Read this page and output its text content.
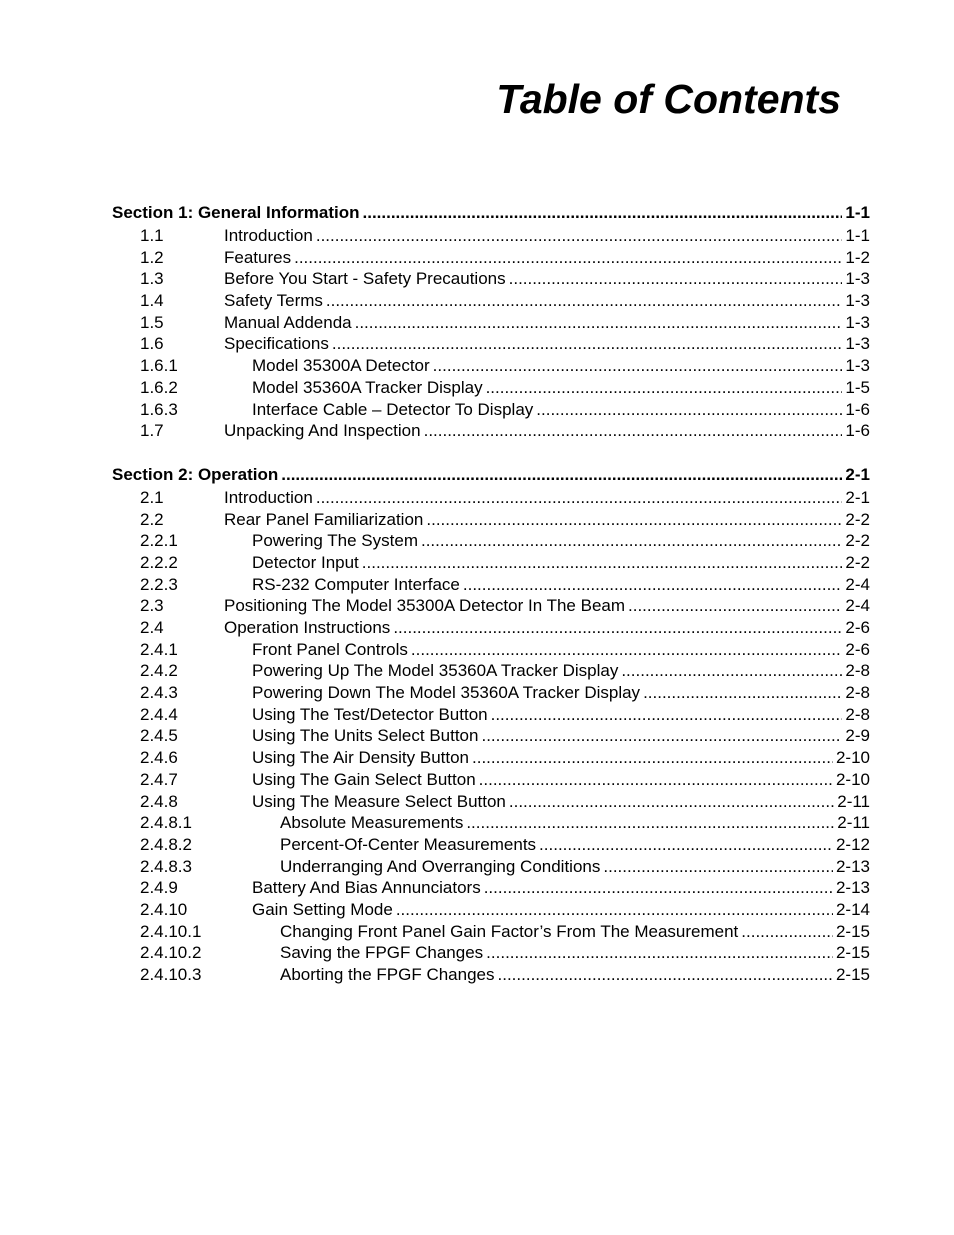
Table of Contents
Section 1: General Information .....	1-1
1.1	Introduction .....	1-1
1.2	Features .....	1-2
1.3	Before You Start - Safety Precautions .....	1-3
1.4	Safety Terms .....	1-3
1.5	Manual Addenda .....	1-3
1.6	Specifications .....	1-3
1.6.1	Model 35300A Detector .....	1-3
1.6.2	Model 35360A Tracker Display .....	1-5
1.6.3	Interface Cable – Detector To Display .....	1-6
1.7	Unpacking And Inspection .....	1-6
Section 2: Operation .....	2-1
2.1	Introduction .....	2-1
2.2	Rear Panel Familiarization .....	2-2
2.2.1	Powering The System .....	2-2
2.2.2	Detector Input .....	2-2
2.2.3	RS-232 Computer Interface .....	2-4
2.3	Positioning The Model 35300A Detector In The Beam .....	2-4
2.4	Operation Instructions .....	2-6
2.4.1	Front Panel Controls .....	2-6
2.4.2	Powering Up The Model 35360A Tracker Display .....	2-8
2.4.3	Powering Down The Model 35360A Tracker Display .....	2-8
2.4.4	Using The Test/Detector Button .....	2-8
2.4.5	Using The Units Select Button .....	2-9
2.4.6	Using The Air Density Button .....	2-10
2.4.7	Using The Gain Select Button .....	2-10
2.4.8	Using The Measure Select Button .....	2-11
2.4.8.1	Absolute Measurements .....	2-11
2.4.8.2	Percent-Of-Center Measurements .....	2-12
2.4.8.3	Underranging And Overranging Conditions .....	2-13
2.4.9	Battery And Bias Annunciators .....	2-13
2.4.10	Gain Setting Mode .....	2-14
2.4.10.1	Changing Front Panel Gain Factor’s From The Measurement .....	2-15
2.4.10.2	Saving the FPGF Changes .....	2-15
2.4.10.3	Aborting the FPGF Changes .....	2-15
